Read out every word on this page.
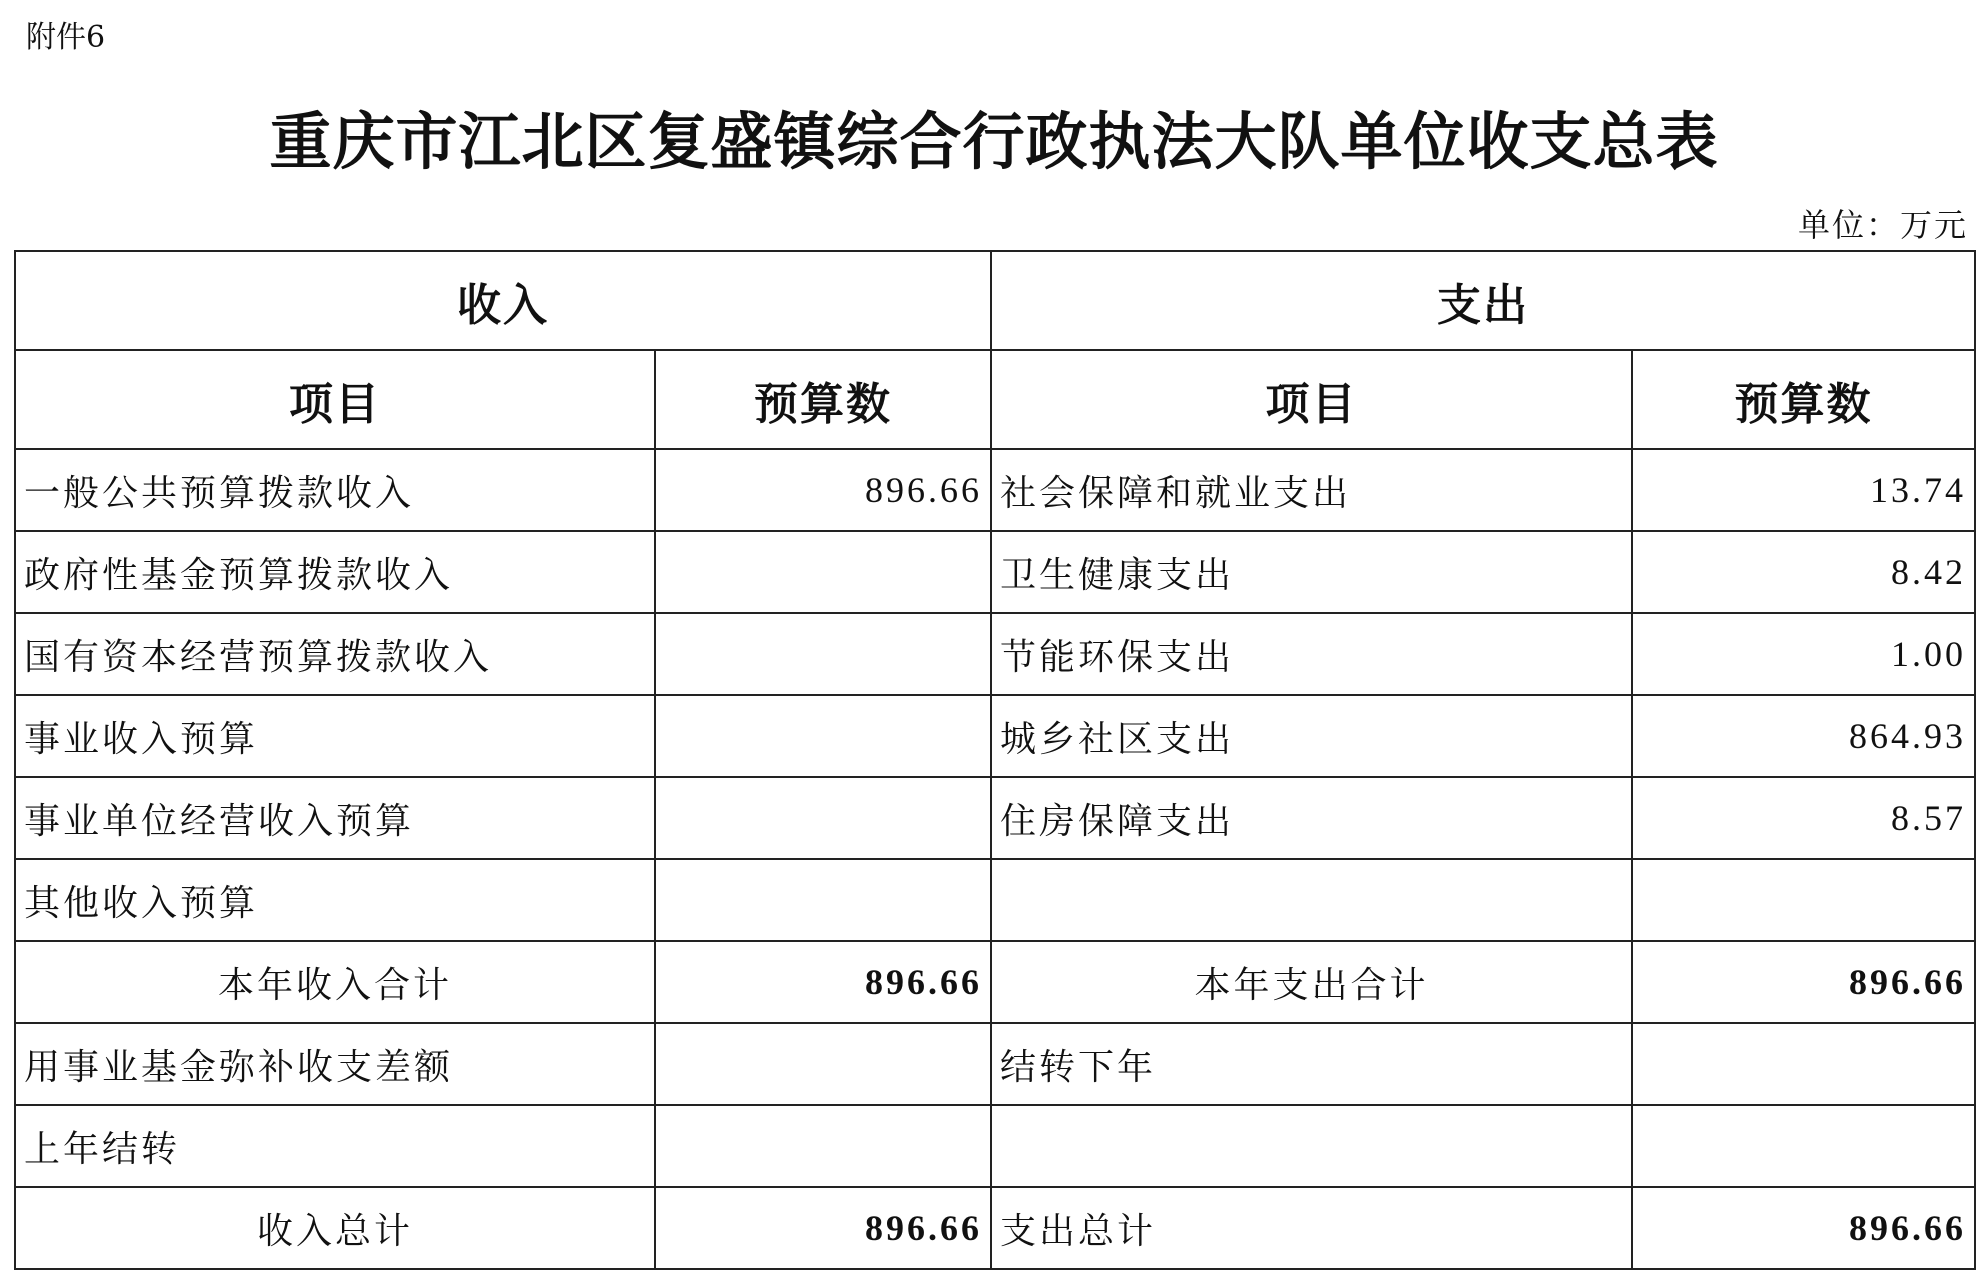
附件6
重庆市江北区复盛镇综合行政执法大队单位收支总表
单位：万元
收入		支出	
项目	预算数	项目	预算数
一般公共预算拨款收入	896.66	社会保障和就业支出	13.74
政府性基金预算拨款收入		卫生健康支出	8.42
国有资本经营预算拨款收入		节能环保支出	1.00
事业收入预算		城乡社区支出	864.93
事业单位经营收入预算		住房保障支出	8.57
其他收入预算			
本年收入合计	896.66	本年支出合计	896.66
用事业基金弥补收支差额		结转下年	
上年结转			
收入总计	896.66	支出总计	896.66
